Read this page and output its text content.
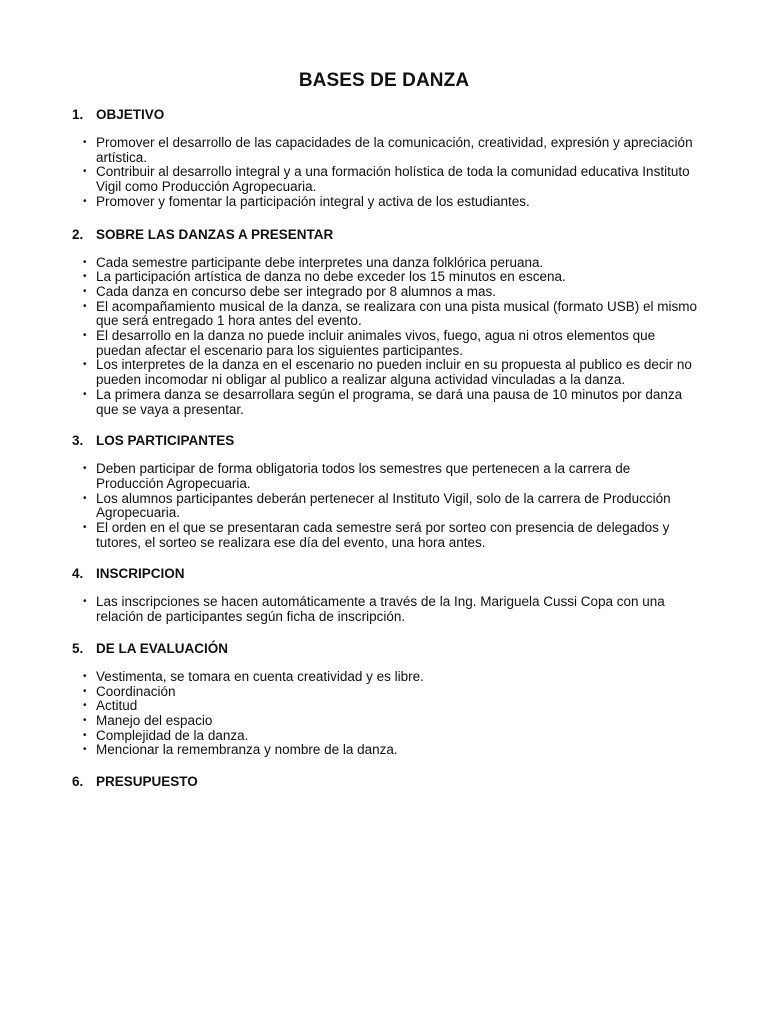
BASES DE DANZA
1. OBJETIVO
• Promover el desarrollo de las capacidades de la comunicación, creatividad, expresión y apreciación artística.
• Contribuir al desarrollo integral y a una formación holística de toda la comunidad educativa Instituto Vigil como Producción Agropecuaria.
• Promover y fomentar la participación integral y activa de los estudiantes.
2. SOBRE LAS DANZAS A PRESENTAR
• Cada semestre participante debe interpretes una danza folklórica peruana.
• La participación artística de danza no debe exceder los 15 minutos en escena.
• Cada danza en concurso debe ser integrado por 8 alumnos a mas.
• El acompañamiento musical de la danza, se realizara con una pista musical (formato USB) el mismo que será entregado 1 hora antes del evento.
• El desarrollo en la danza no puede incluir animales vivos, fuego, agua ni otros elementos que puedan afectar el escenario para los siguientes participantes.
• Los interpretes de la danza en el escenario no pueden incluir en su propuesta al publico es decir no pueden incomodar ni obligar al publico a realizar alguna actividad vinculadas a la danza.
• La primera danza se desarrollara según el programa, se dará una pausa de 10 minutos por danza que se vaya a presentar.
3. LOS PARTICIPANTES
• Deben participar de forma obligatoria todos los semestres que pertenecen a la carrera de Producción Agropecuaria.
• Los alumnos participantes deberán pertenecer al Instituto Vigil, solo de la carrera de Producción Agropecuaria.
• El orden en el que se presentaran cada semestre será por sorteo con presencia de delegados y tutores, el sorteo se realizara ese día del evento, una hora antes.
4. INSCRIPCION
• Las inscripciones se hacen automáticamente a través de la Ing. Mariguela Cussi Copa con una relación de participantes según ficha de inscripción.
5. DE LA EVALUACIÓN
• Vestimenta, se tomara en cuenta creatividad y es libre.
• Coordinación
• Actitud
• Manejo del espacio
• Complejidad de la danza.
• Mencionar la remembranza y nombre de la danza.
6. PRESUPUESTO
